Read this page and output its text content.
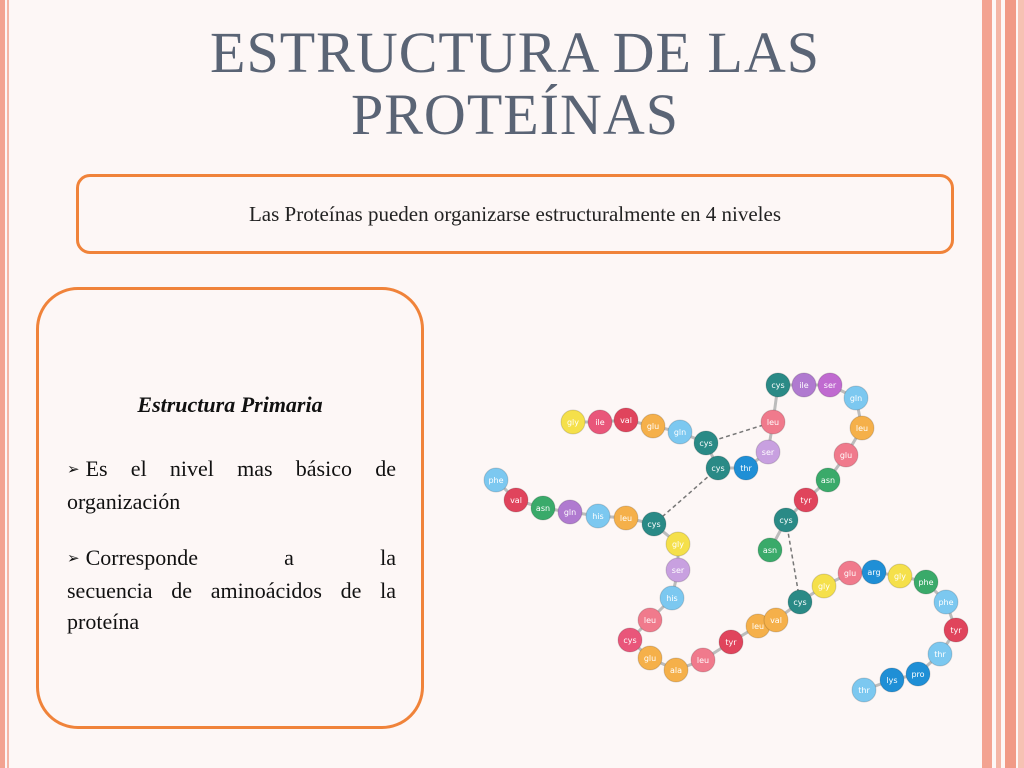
ESTRUCTURA DE LAS
PROTEÍNAS
Las Proteínas pueden organizarse estructuralmente en 4 niveles
Estructura Primaria
➢ Es el nivel mas básico de organización
➢ Corresponde	a	la
secuencia de aminoácidos de la proteína
gly ile val
glu
gln
cys
cys thr
ser
leu
cys ile ser
gln
leu
glu
asn
tyr
cys
asn
phe
val
asn gln his leu
cys
gly
ser
his
leu
cys
glu
ala
leu
tyr
leu
val
cys
gly
glu arg gly
phe
phe
tyr
thr
pro
lys
thr
